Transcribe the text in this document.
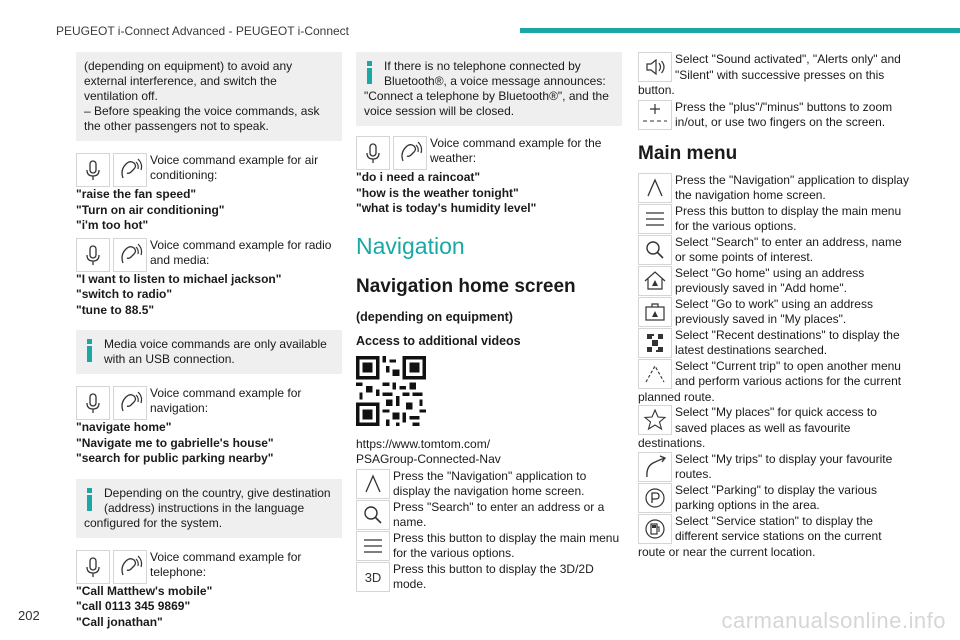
PEUGEOT i-Connect Advanced - PEUGEOT i-Connect
(depending on equipment) to avoid any external interference, and switch the ventilation off.
– Before speaking the voice commands, ask the other passengers not to speak.
Voice command example for air conditioning:
"raise the fan speed"
"Turn on air conditioning"
"i'm too hot"
Voice command example for radio and media:
"I want to listen to michael jackson"
"switch to radio"
"tune to 88.5"
Media voice commands are only available with an USB connection.
Voice command example for navigation:
"navigate home"
"Navigate me to gabrielle's house"
"search for public parking nearby"
Depending on the country, give destination (address) instructions in the language configured for the system.
Voice command example for telephone:
"Call Matthew's mobile"
"call 0113 345 9869"
"Call jonathan"
If there is no telephone connected by Bluetooth®, a voice message announces: "Connect a telephone by Bluetooth®", and the voice session will be closed.
Voice command example for the weather:
"do i need a raincoat"
"how is the weather tonight"
"what is today's humidity level"
Navigation
Navigation home screen
(depending on equipment)
Access to additional videos
https://www.tomtom.com/
PSAGroup-Connected-Nav
Press the "Navigation" application to display the navigation home screen.
Press "Search" to enter an address or a name.
Press this button to display the main menu for the various options.
3D
Press this button to display the 3D/2D mode.
Select "Sound activated", "Alerts only" and "Silent" with successive presses on this button.
Press the "plus"/"minus" buttons to zoom in/out, or use two fingers on the screen.
Main menu
Press the "Navigation" application to display the navigation home screen.
Press this button to display the main menu for the various options.
Select "Search" to enter an address, name or some points of interest.
Select "Go home" using an address previously saved in "Add home".
Select "Go to work" using an address previously saved in "My places".
Select "Recent destinations" to display the latest destinations searched.
Select "Current trip" to open another menu and perform various actions for the current planned route.
Select "My places" for quick access to saved places as well as favourite destinations.
Select "My trips" to display your favourite routes.
Select "Parking" to display the various parking options in the area.
Select "Service station" to display the different service stations on the current route or near the current location.
202	carmanualsonline.info
